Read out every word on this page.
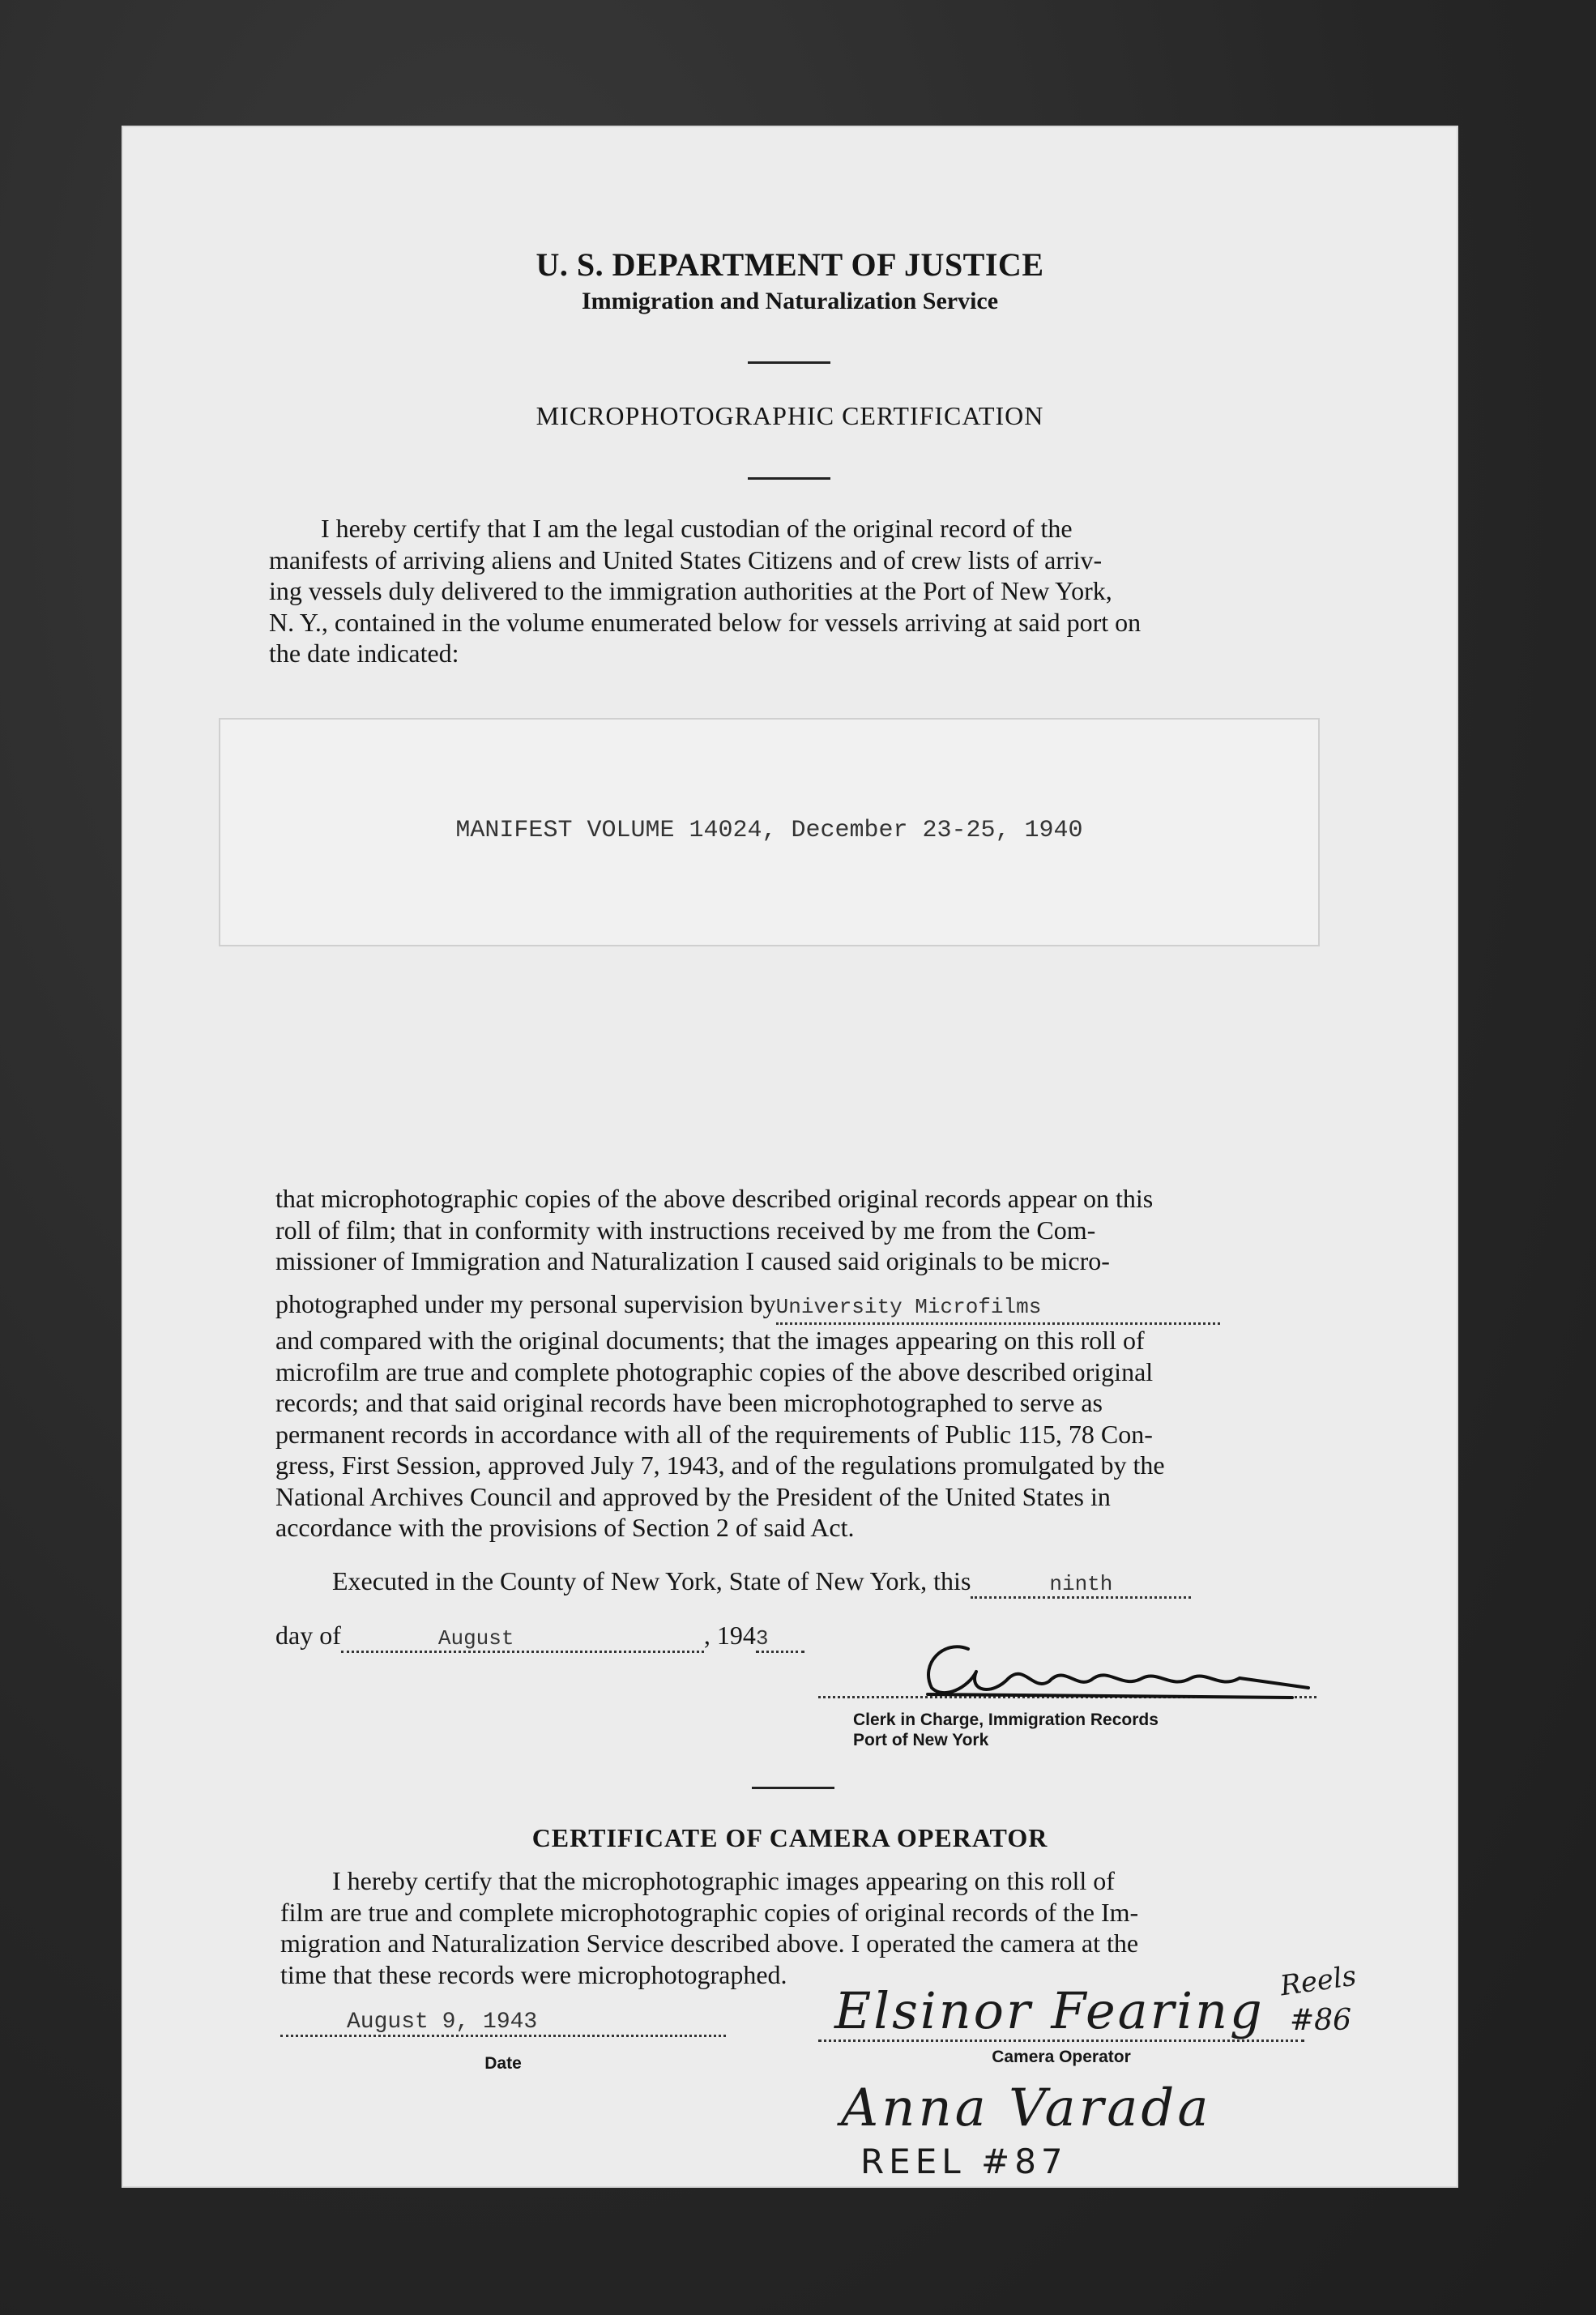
U. S. DEPARTMENT OF JUSTICE
Immigration and Naturalization Service
MICROPHOTOGRAPHIC CERTIFICATION

I hereby certify that I am the legal custodian of the original record of the

manifests of arriving aliens and United States Citizens and of crew lists of arriv-

ing vessels duly delivered to the immigration authorities at the Port of New York,

N. Y., contained in the volume enumerated below for vessels arriving at said port on

the date indicated:

MANIFEST VOLUME 14024, December 23-25, 1940

that microphotographic copies of the above described original records appear on this

roll of film; that in conformity with instructions received by me from the Com-

missioner of Immigration and Naturalization I caused said originals to be micro-

photographed under my personal supervision byUniversity Microfilms

and compared with the original documents; that the images appearing on this roll of

microfilm are true and complete photographic copies of the above described original

records; and that said original records have been microphotographed to serve as

permanent records in accordance with all of the requirements of Public 115, 78 Con-

gress, First Session, approved July 7, 1943, and of the regulations promulgated by the

National Archives Council and approved by the President of the United States in

accordance with the provisions of Section 2 of said Act.

Executed in the County of New York, State of New York, this	ninth
day of	August	, 1943
Clerk in Charge, Immigration Records
Port of New York
CERTIFICATE OF CAMERA OPERATOR

I hereby certify that the microphotographic images appearing on this roll of

film are true and complete microphotographic copies of original records of the Im-

migration and Naturalization Service described above. I operated the camera at the

time that these records were microphotographed.

August 9, 1943
Date
Elsinor Fearing
Camera Operator
Reels
#86
Anna Varada
REEL #87
